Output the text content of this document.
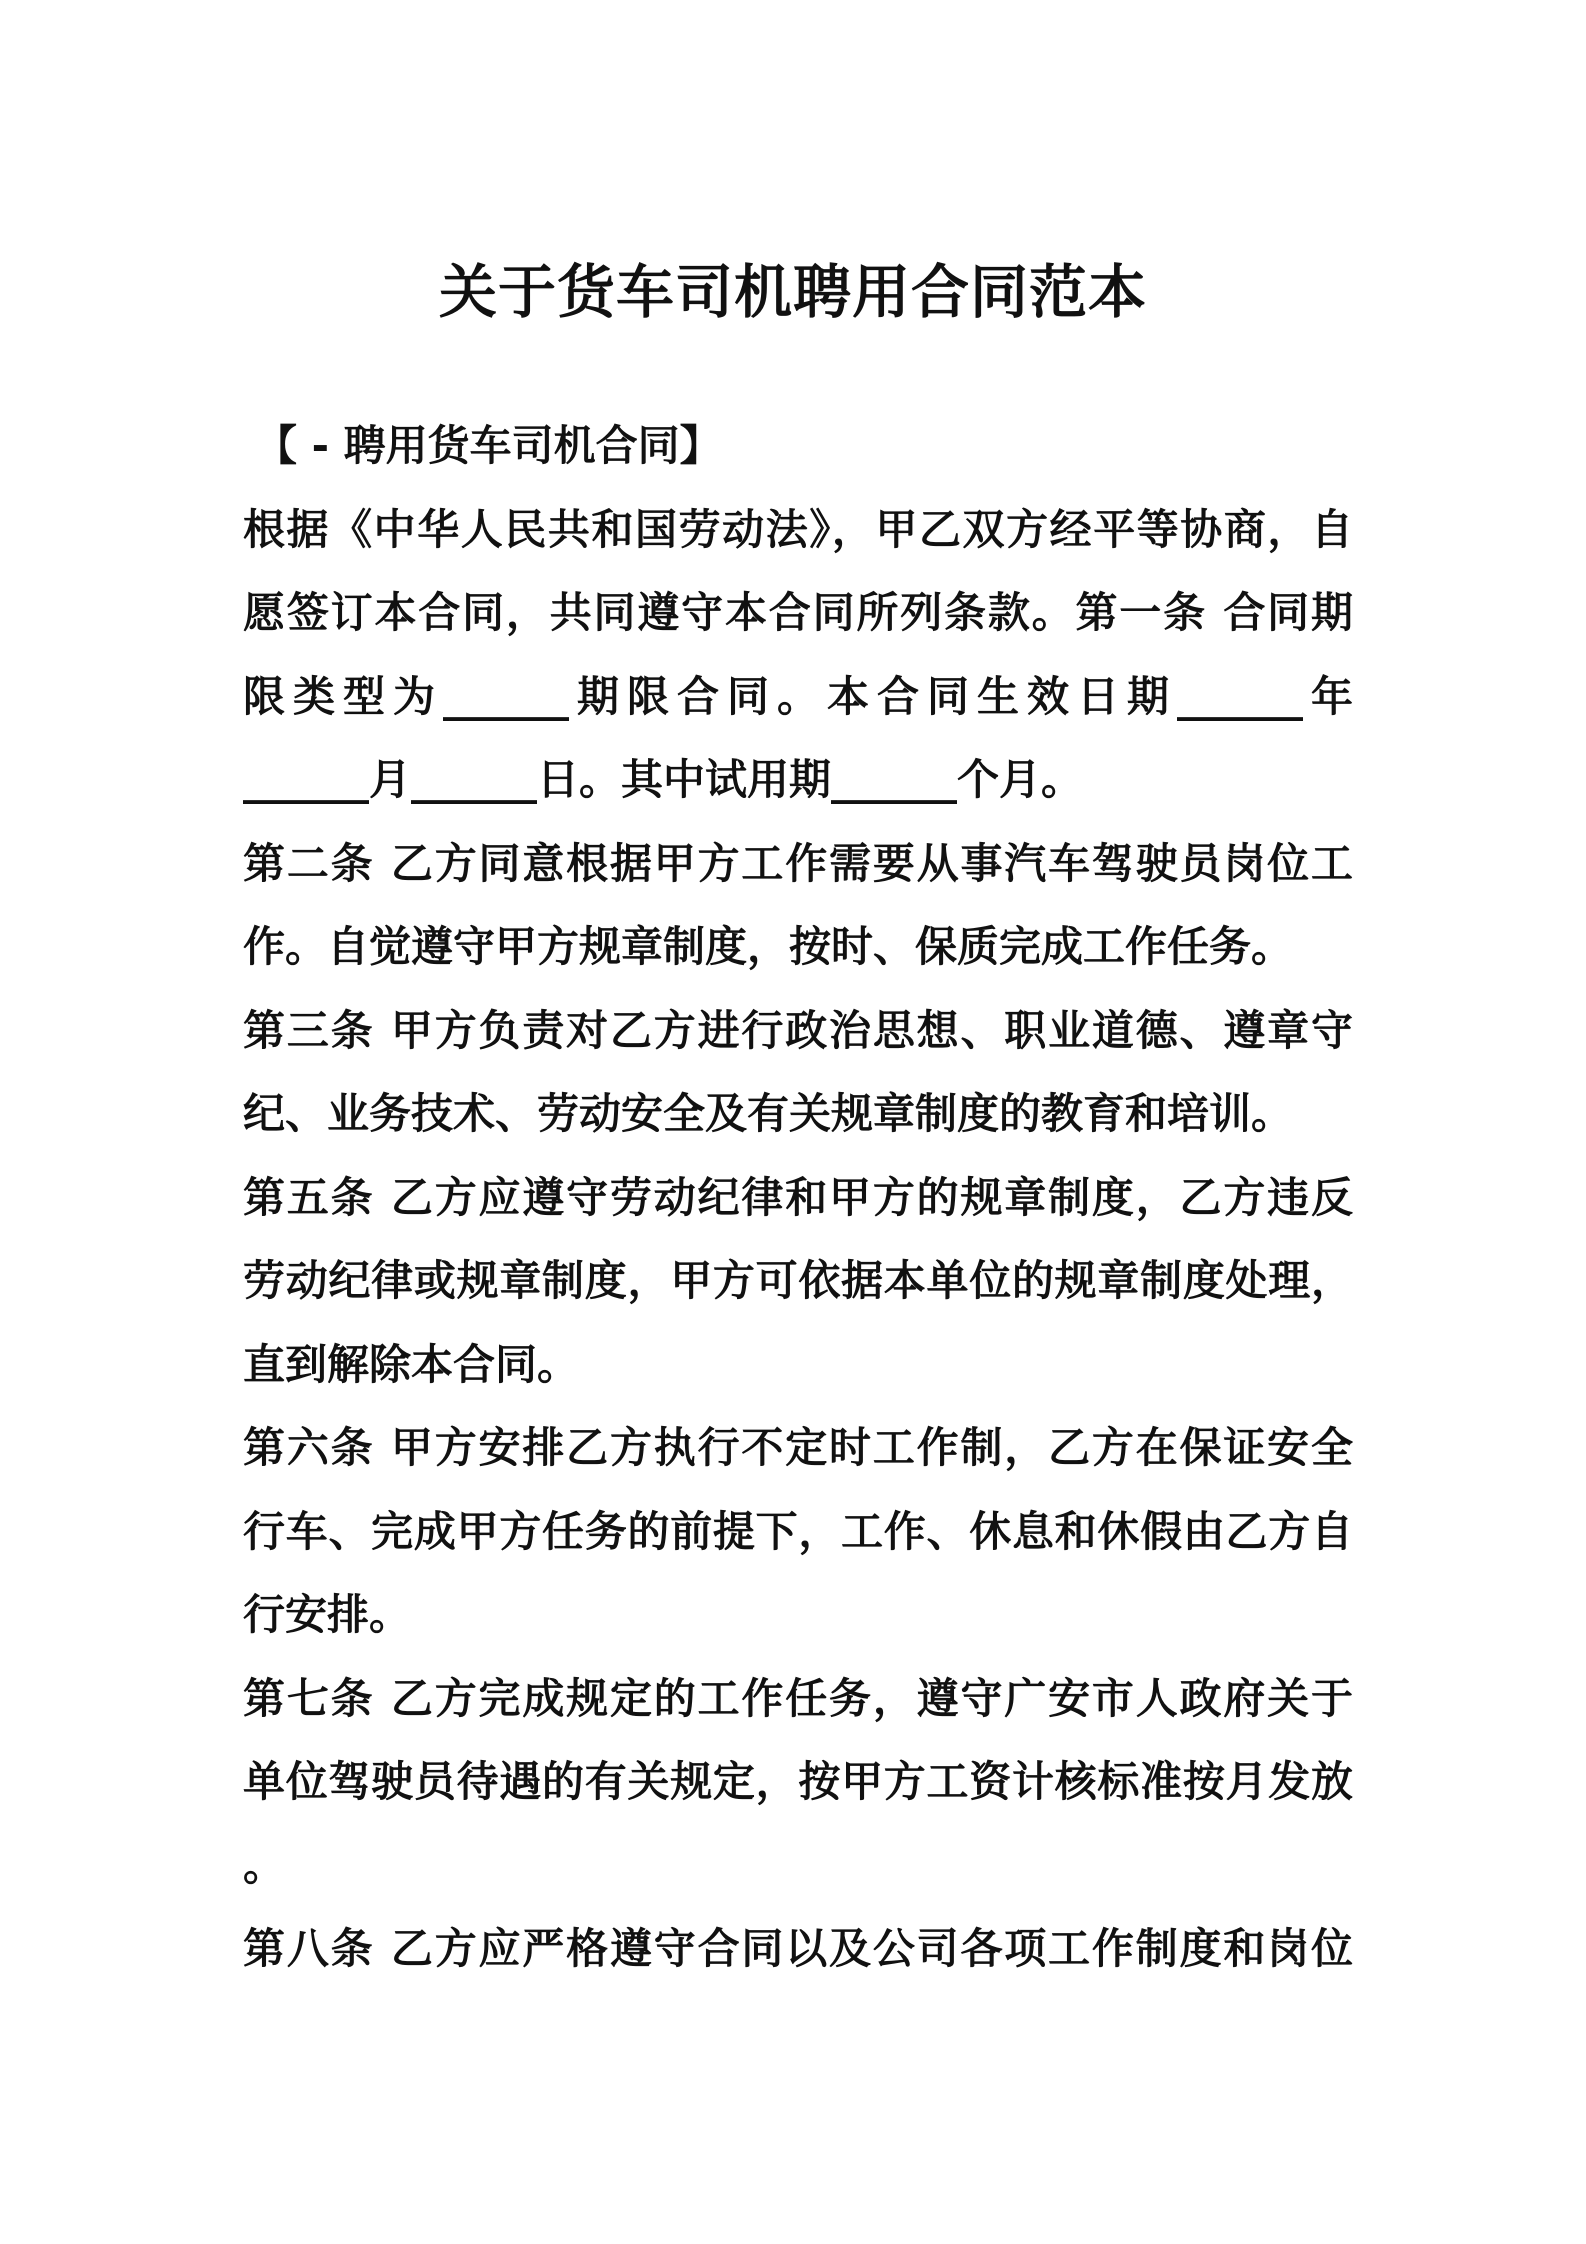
关于货车司机聘用合同范本
【 - 聘用货车司机合同】
根据《中华人民共和国劳动法》，甲乙双方经平等协商，自
愿签订本合同，共同遵守本合同所列条款。第一条 合同期
限类型为______期限合同。本合同生效日期______年
______月______日。其中试用期______个月。
第二条 乙方同意根据甲方工作需要从事汽车驾驶员岗位工
作。自觉遵守甲方规章制度，按时、保质完成工作任务。
第三条 甲方负责对乙方进行政治思想、职业道德、遵章守
纪、业务技术、劳动安全及有关规章制度的教育和培训。
第五条 乙方应遵守劳动纪律和甲方的规章制度，乙方违反
劳动纪律或规章制度，甲方可依据本单位的规章制度处理，
直到解除本合同。
第六条 甲方安排乙方执行不定时工作制，乙方在保证安全
行车、完成甲方任务的前提下，工作、休息和休假由乙方自
行安排。
第七条 乙方完成规定的工作任务，遵守广安市人政府关于
单位驾驶员待遇的有关规定，按甲方工资计核标准按月发放
。
第八条 乙方应严格遵守合同以及公司各项工作制度和岗位
